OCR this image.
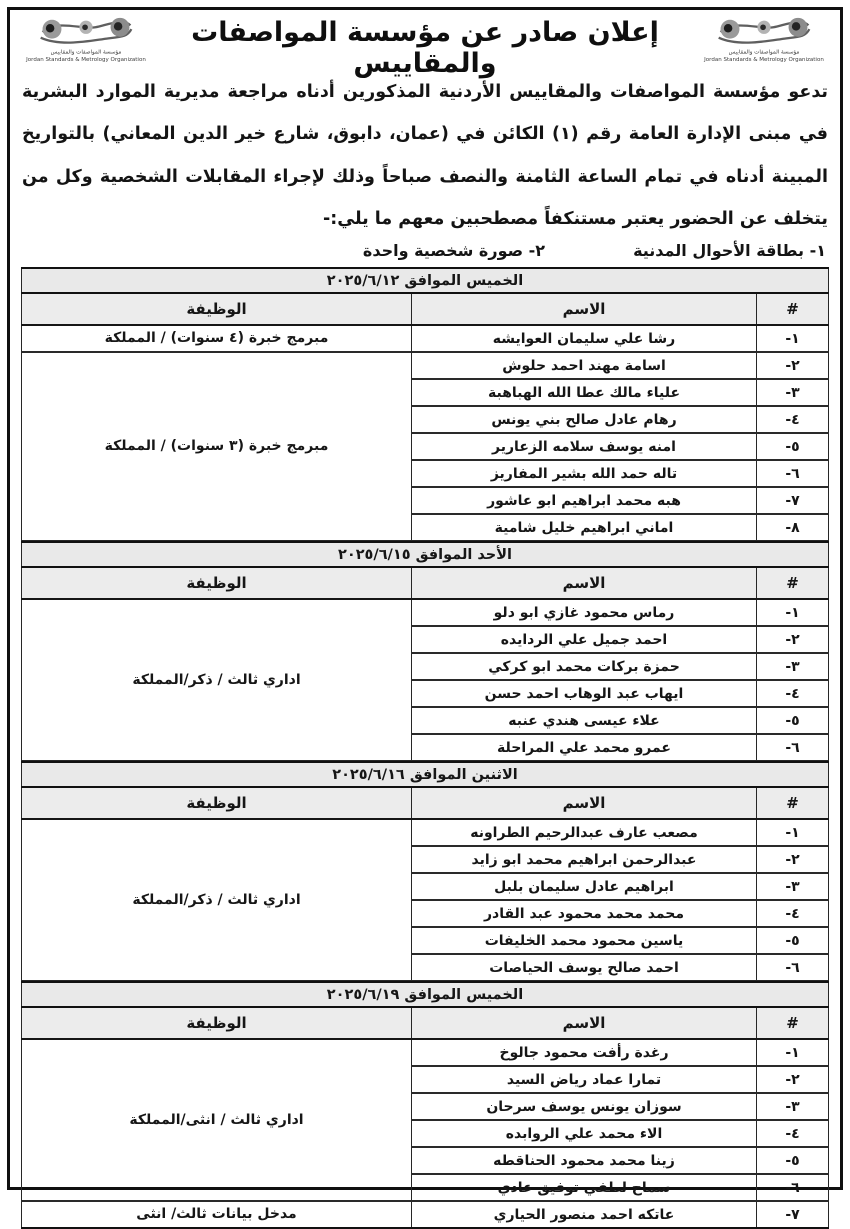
مؤسسة المواصفات والمقاييس
Jordan Standards & Metrology Organization
إعلان صادر عن مؤسسة المواصفات والمقاييس
مؤسسة المواصفات والمقاييس
Jordan Standards & Metrology Organization

تدعو مؤسسة المواصفات والمقاييس الأردنية المذكورين أدناه مراجعة مديرية الموارد البشرية في مبنى الإدارة العامة رقم (١) الكائن في (عمان، دابوق، شارع خير الدين المعاني) بالتواريخ المبينة أدناه في تمام الساعة الثامنة والنصف صباحاً وذلك لإجراء المقابلات الشخصية وكل من يتخلف عن الحضور يعتبر مستنكفاً مصطحبين معهم ما يلي:-

١- بطاقة الأحوال المدنية
٢- صورة شخصية واحدة
الخميس الموافق ٢٠٢٥/٦/١٢		
#	الاسم	الوظيفة
١-	رشا علي سليمان العوايشه	مبرمج خبرة (٤ سنوات) / المملكة
٢-	اسامة مهند احمد حلوش	مبرمج خبرة (٣ سنوات) / المملكة
٣-	علياء مالك عطا الله الهباهبة	
٤-	رهام عادل صالح بني يونس	
٥-	امنه يوسف سلامه الزعارير	
٦-	تاله حمد الله بشير المفاريز	
٧-	هبه محمد ابراهيم ابو عاشور	
٨-	اماني ابراهيم خليل شامية	
الأحد الموافق ٢٠٢٥/٦/١٥		
#	الاسم	الوظيفة
١-	رماس محمود غازي ابو دلو	اداري ثالث / ذكر/المملكة
٢-	احمد جميل علي الردايده	
٣-	حمزة بركات محمد ابو كركي	
٤-	ايهاب عبد الوهاب احمد حسن	
٥-	علاء عيسى هندي عنبه	
٦-	عمرو محمد علي المراحلة	
الاثنين الموافق ٢٠٢٥/٦/١٦		
#	الاسم	الوظيفة
١-	مصعب عارف عبدالرحيم الطراونه	اداري ثالث / ذكر/المملكة
٢-	عبدالرحمن ابراهيم محمد ابو زايد	
٣-	ابراهيم عادل سليمان بلبل	
٤-	محمد محمد محمود عبد القادر	
٥-	ياسين محمود محمد الخليفات	
٦-	احمد صالح يوسف الحياصات	
الخميس الموافق ٢٠٢٥/٦/١٩		
#	الاسم	الوظيفة
١-	رغدة رأفت محمود جالوخ	اداري ثالث / انثى/المملكة
٢-	تمارا عماد رياض السيد	
٣-	سوزان يونس يوسف سرحان	
٤-	الاء محمد علي الروابده	
٥-	زينا محمد محمود الحناقطه	
٦-	سماح لطفي توفيق عادي	
٧-	عاتكه احمد منصور الحياري	مدخل بيانات ثالث/ انثى
